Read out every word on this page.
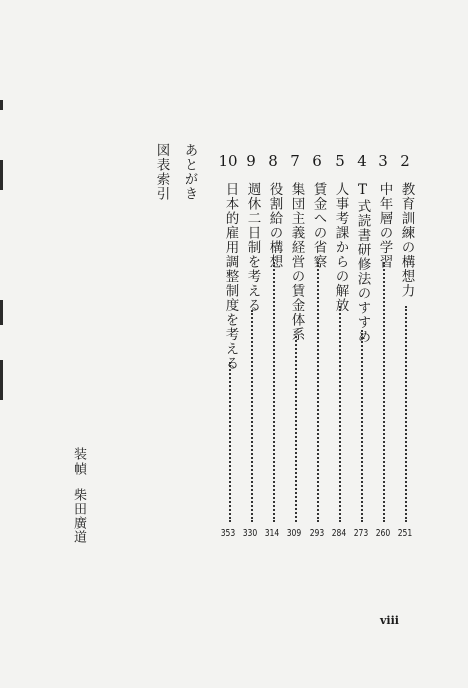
2
教育訓練の構想力
251
3
中年層の学習
260
4
T式読書研修法のすすめ
273
5
人事考課からの解放
284
6
賃金への省察
293
7
集団主義経営の賃金体系
309
8
役割給の構想
314
9
週休二日制を考える
330
10
日本的雇用調整制度を考える
353
あとがき
図表索引
装幀
柴田廣道
viii
